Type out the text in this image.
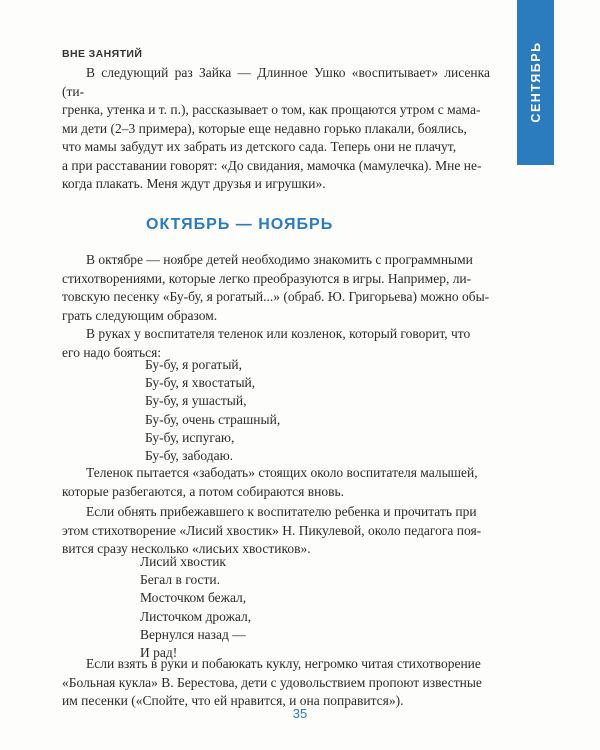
ВНЕ ЗАНЯТИЙ	СЕНТЯБРЬ

В следующий раз Зайка — Длинное Ушко «воспитывает» лисенка (ти-
гренка, утенка и т. п.), рассказывает о том, как прощаются утром с мама-
ми дети (2–3 примера), которые еще недавно горько плакали, боялись,
что мамы забудут их забрать из детского сада. Теперь они не плачут,
а при расставании говорят: «До свидания, мамочка (мамулечка). Мне не-
когда плакать. Меня ждут друзья и игрушки».

ОКТЯБРЬ — НОЯБРЬ

В октябре — ноябре детей необходимо знакомить с программными
стихотворениями, которые легко преобразуются в игры. Например, ли-
товскую песенку «Бу-бу, я рогатый...» (обраб. Ю. Григорьева) можно обы-
грать следующим образом.

В руках у воспитателя теленок или козленок, который говорит, что
его надо бояться:

Бу-бу, я рогатый,
Бу-бу, я хвостатый,
Бу-бу, я ушастый,
Бу-бу, очень страшный,
Бу-бу, испугаю,
Бу-бу, забодаю.

Теленок пытается «забодать» стоящих около воспитателя малышей,
которые разбегаются, а потом собираются вновь.

Если обнять прибежавшего к воспитателю ребенка и прочитать при
этом стихотворение «Лисий хвостик» Н. Пикулевой, около педагога поя-
вится сразу несколько «лисьих хвостиков».

Лисий хвостик
Бегал в гости.
Мосточком бежал,
Листочком дрожал,
Вернулся назад —
И рад!

Если взять в руки и побаюкать куклу, негромко читая стихотворение
«Больная кукла» В. Берестова, дети с удовольствием пропоют известные
им песенки («Спойте, что ей нравится, и она поправится»).

35
